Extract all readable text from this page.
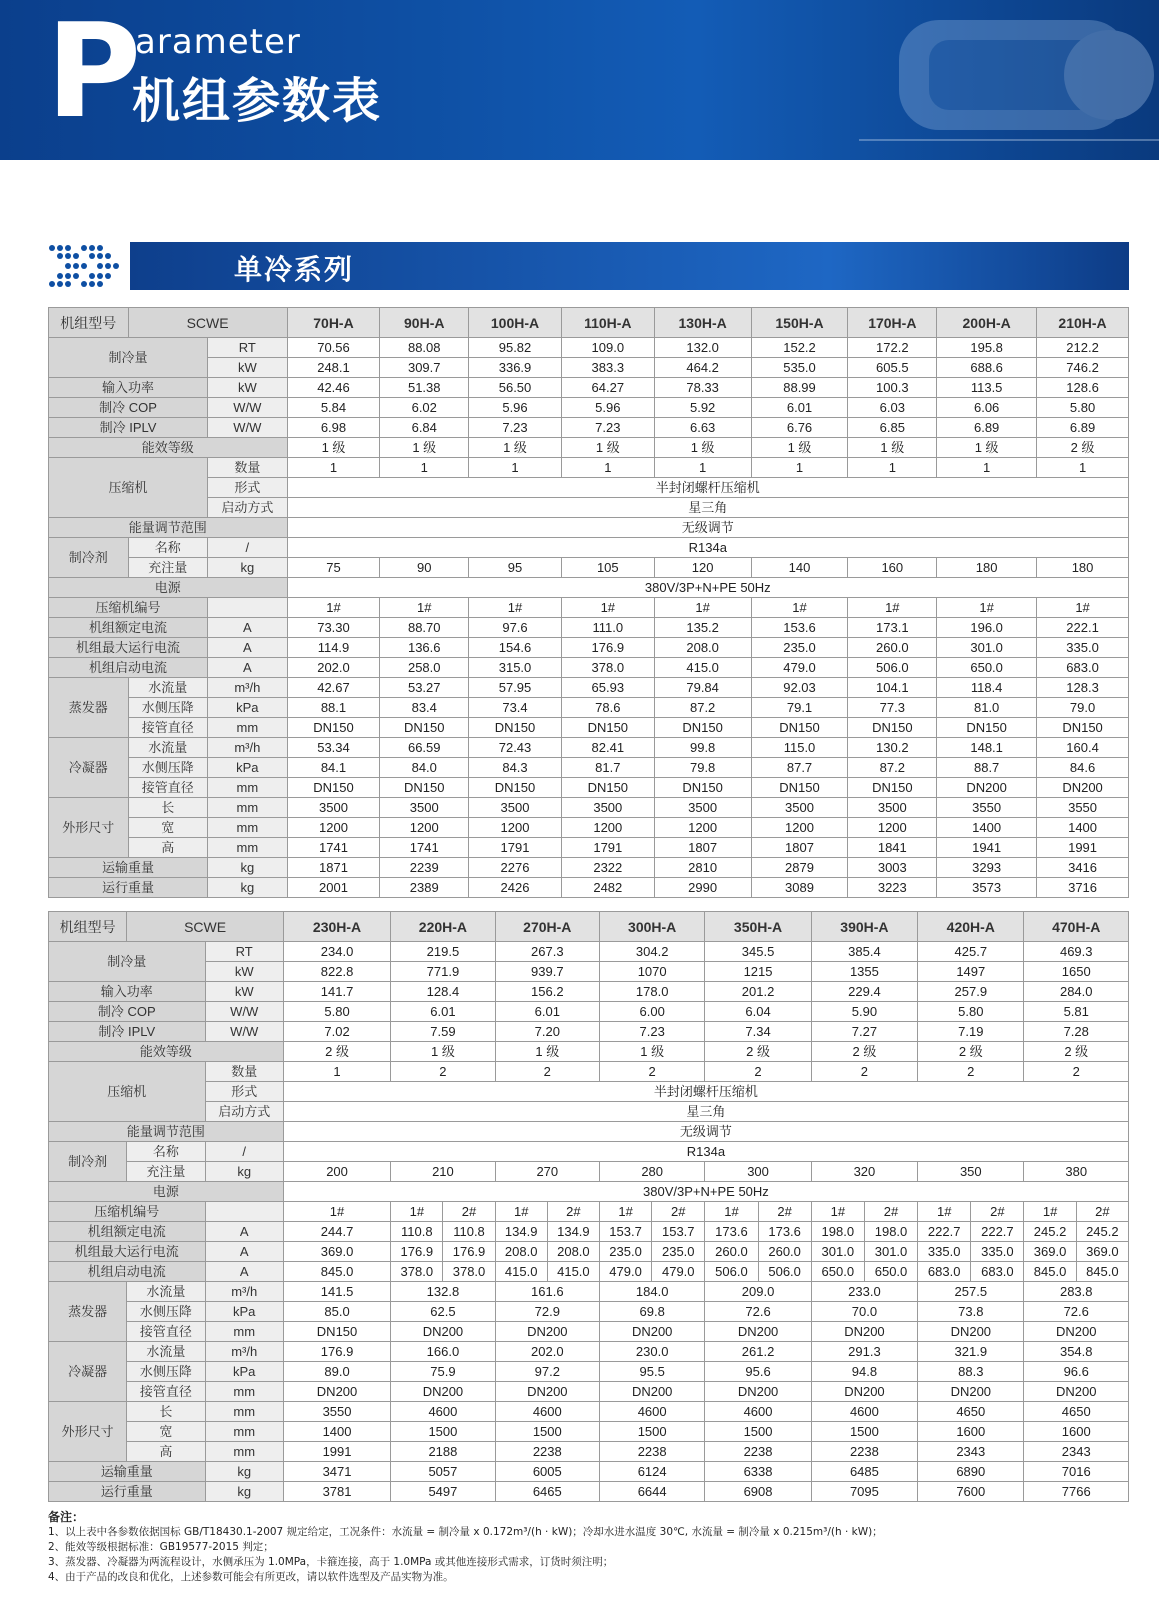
P
arameter
机组参数表
单冷系列
机组型号	SCWE		70H-A	90H-A	100H-A	110H-A	130H-A	150H-A	170H-A	200H-A	210H-A
制冷量		RT	70.56	88.08	95.82	109.0	132.0	152.2	172.2	195.8	212.2
		kW	248.1	309.7	336.9	383.3	464.2	535.0	605.5	688.6	746.2
输入功率		kW	42.46	51.38	56.50	64.27	78.33	88.99	100.3	113.5	128.6
制冷 COP		W/W	5.84	6.02	5.96	5.96	5.92	6.01	6.03	6.06	5.80
制冷 IPLV		W/W	6.98	6.84	7.23	7.23	6.63	6.76	6.85	6.89	6.89
能效等级			1 级	1 级	1 级	1 级	1 级	1 级	1 级	1 级	2 级
压缩机		数量	1	1	1	1	1	1	1	1	1
		形式	半封闭螺杆压缩机								
		启动方式	星三角								
能量调节范围			无级调节								
制冷剂	名称	/	R134a								
	充注量	kg	75	90	95	105	120	140	160	180	180
电源			380V/3P+N+PE 50Hz								
压缩机编号			1#	1#	1#	1#	1#	1#	1#	1#	1#
机组额定电流		A	73.30	88.70	97.6	111.0	135.2	153.6	173.1	196.0	222.1
机组最大运行电流		A	114.9	136.6	154.6	176.9	208.0	235.0	260.0	301.0	335.0
机组启动电流		A	202.0	258.0	315.0	378.0	415.0	479.0	506.0	650.0	683.0
蒸发器	水流量	m³/h	42.67	53.27	57.95	65.93	79.84	92.03	104.1	118.4	128.3
	水侧压降	kPa	88.1	83.4	73.4	78.6	87.2	79.1	77.3	81.0	79.0
	接管直径	mm	DN150	DN150	DN150	DN150	DN150	DN150	DN150	DN150	DN150
冷凝器	水流量	m³/h	53.34	66.59	72.43	82.41	99.8	115.0	130.2	148.1	160.4
	水侧压降	kPa	84.1	84.0	84.3	81.7	79.8	87.7	87.2	88.7	84.6
	接管直径	mm	DN150	DN150	DN150	DN150	DN150	DN150	DN150	DN200	DN200
外形尺寸	长	mm	3500	3500	3500	3500	3500	3500	3500	3550	3550
	宽	mm	1200	1200	1200	1200	1200	1200	1200	1400	1400
	高	mm	1741	1741	1791	1791	1807	1807	1841	1941	1991
运输重量		kg	1871	2239	2276	2322	2810	2879	3003	3293	3416
运行重量		kg	2001	2389	2426	2482	2990	3089	3223	3573	3716
机组型号	SCWE		230H-A	220H-A		270H-A		300H-A		350H-A		390H-A		420H-A		470H-A	
制冷量		RT	234.0	219.5		267.3		304.2		345.5		385.4		425.7		469.3	
		kW	822.8	771.9		939.7		1070		1215		1355		1497		1650	
输入功率		kW	141.7	128.4		156.2		178.0		201.2		229.4		257.9		284.0	
制冷 COP		W/W	5.80	6.01		6.01		6.00		6.04		5.90		5.80		5.81	
制冷 IPLV		W/W	7.02	7.59		7.20		7.23		7.34		7.27		7.19		7.28	
能效等级			2 级	1 级		1 级		1 级		2 级		2 级		2 级		2 级	
压缩机		数量	1	2		2		2		2		2		2		2	
		形式	半封闭螺杆压缩机														
		启动方式	星三角														
能量调节范围			无级调节														
制冷剂	名称	/	R134a														
	充注量	kg	200	210		270		280		300		320		350		380	
电源			380V/3P+N+PE 50Hz														
压缩机编号			1#	1#	2#	1#	2#	1#	2#	1#	2#	1#	2#	1#	2#	1#	2#
机组额定电流		A	244.7	110.8	110.8	134.9	134.9	153.7	153.7	173.6	173.6	198.0	198.0	222.7	222.7	245.2	245.2
机组最大运行电流		A	369.0	176.9	176.9	208.0	208.0	235.0	235.0	260.0	260.0	301.0	301.0	335.0	335.0	369.0	369.0
机组启动电流		A	845.0	378.0	378.0	415.0	415.0	479.0	479.0	506.0	506.0	650.0	650.0	683.0	683.0	845.0	845.0
蒸发器	水流量	m³/h	141.5	132.8		161.6		184.0		209.0		233.0		257.5		283.8	
	水侧压降	kPa	85.0	62.5		72.9		69.8		72.6		70.0		73.8		72.6	
	接管直径	mm	DN150	DN200		DN200		DN200		DN200		DN200		DN200		DN200	
冷凝器	水流量	m³/h	176.9	166.0		202.0		230.0		261.2		291.3		321.9		354.8	
	水侧压降	kPa	89.0	75.9		97.2		95.5		95.6		94.8		88.3		96.6	
	接管直径	mm	DN200	DN200		DN200		DN200		DN200		DN200		DN200		DN200	
外形尺寸	长	mm	3550	4600		4600		4600		4600		4600		4650		4650	
	宽	mm	1400	1500		1500		1500		1500		1500		1600		1600	
	高	mm	1991	2188		2238		2238		2238		2238		2343		2343	
运输重量		kg	3471	5057		6005		6124		6338		6485		6890		7016	
运行重量		kg	3781	5497		6465		6644		6908		7095		7600		7766	
备注：
1、以上表中各参数依据国标 GB/T18430.1-2007 规定给定，工况条件：水流量 = 制冷量 x 0.172m³/(h · kW)；冷却水进水温度 30℃, 水流量 = 制冷量 x 0.215m³/(h · kW)；
2、能效等级根据标准：GB19577-2015 判定；
3、蒸发器、冷凝器为两流程设计，水侧承压为 1.0MPa，卡箍连接，高于 1.0MPa 或其他连接形式需求，订货时须注明；
4、由于产品的改良和优化，上述参数可能会有所更改，请以软件选型及产品实物为准。
